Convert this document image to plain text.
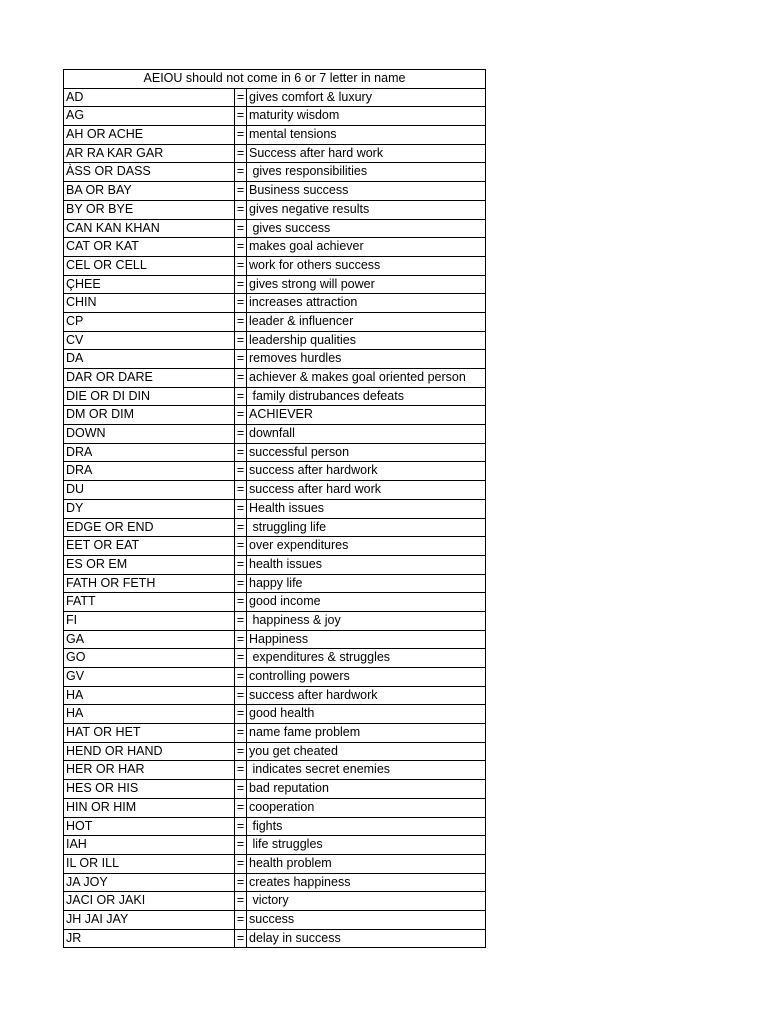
AEIOU should not come in 6 or 7 letter in name
AD	= gives comfort & luxury
AG	= maturity wisdom
AH OR ACHE	= mental tensions
AR RA KAR GAR	= Success after hard work
ÀSS OR DASS	= gives responsibilities
BA OR BAY	= Business success
BY OR BYE	= gives negative results
CAN KAN KHAN	= gives success
CAT OR KAT	= makes goal achiever
CEL OR CELL	= work for others success
ÇHEE	= gives strong will power
CHIN	= increases attraction
CP	= leader & influencer
CV	= leadership qualities
DA	= removes hurdles
DAR OR DARE	= achiever & makes goal oriented person
DIE OR DI DIN	= family distrubances defeats
DM OR DIM	= ACHIEVER
DOWN	= downfall
DRA	= successful person
DRA	= success after hardwork
DU	= success after hard work
DY	= Health issues
EDGE OR END	= struggling life
EET OR EAT	= over expenditures
ES OR EM	= health issues
FATH OR FETH	= happy life
FATT	= good income
FI	= happiness & joy
GA	= Happiness
GO	= expenditures & struggles
GV	= controlling powers
HA	= success after hardwork
HA	= good health
HAT OR HET	= name fame problem
HEND OR HAND	= you get cheated
HER OR HAR	= indicates secret enemies
HES OR HIS	= bad reputation
HIN OR HIM	= cooperation
HOT	= fights
IAH	= life struggles
IL OR ILL	= health problem
JA JOY	= creates happiness
JACI OR JAKI	= victory
JH JAI JAY	= success
JR	= delay in success
